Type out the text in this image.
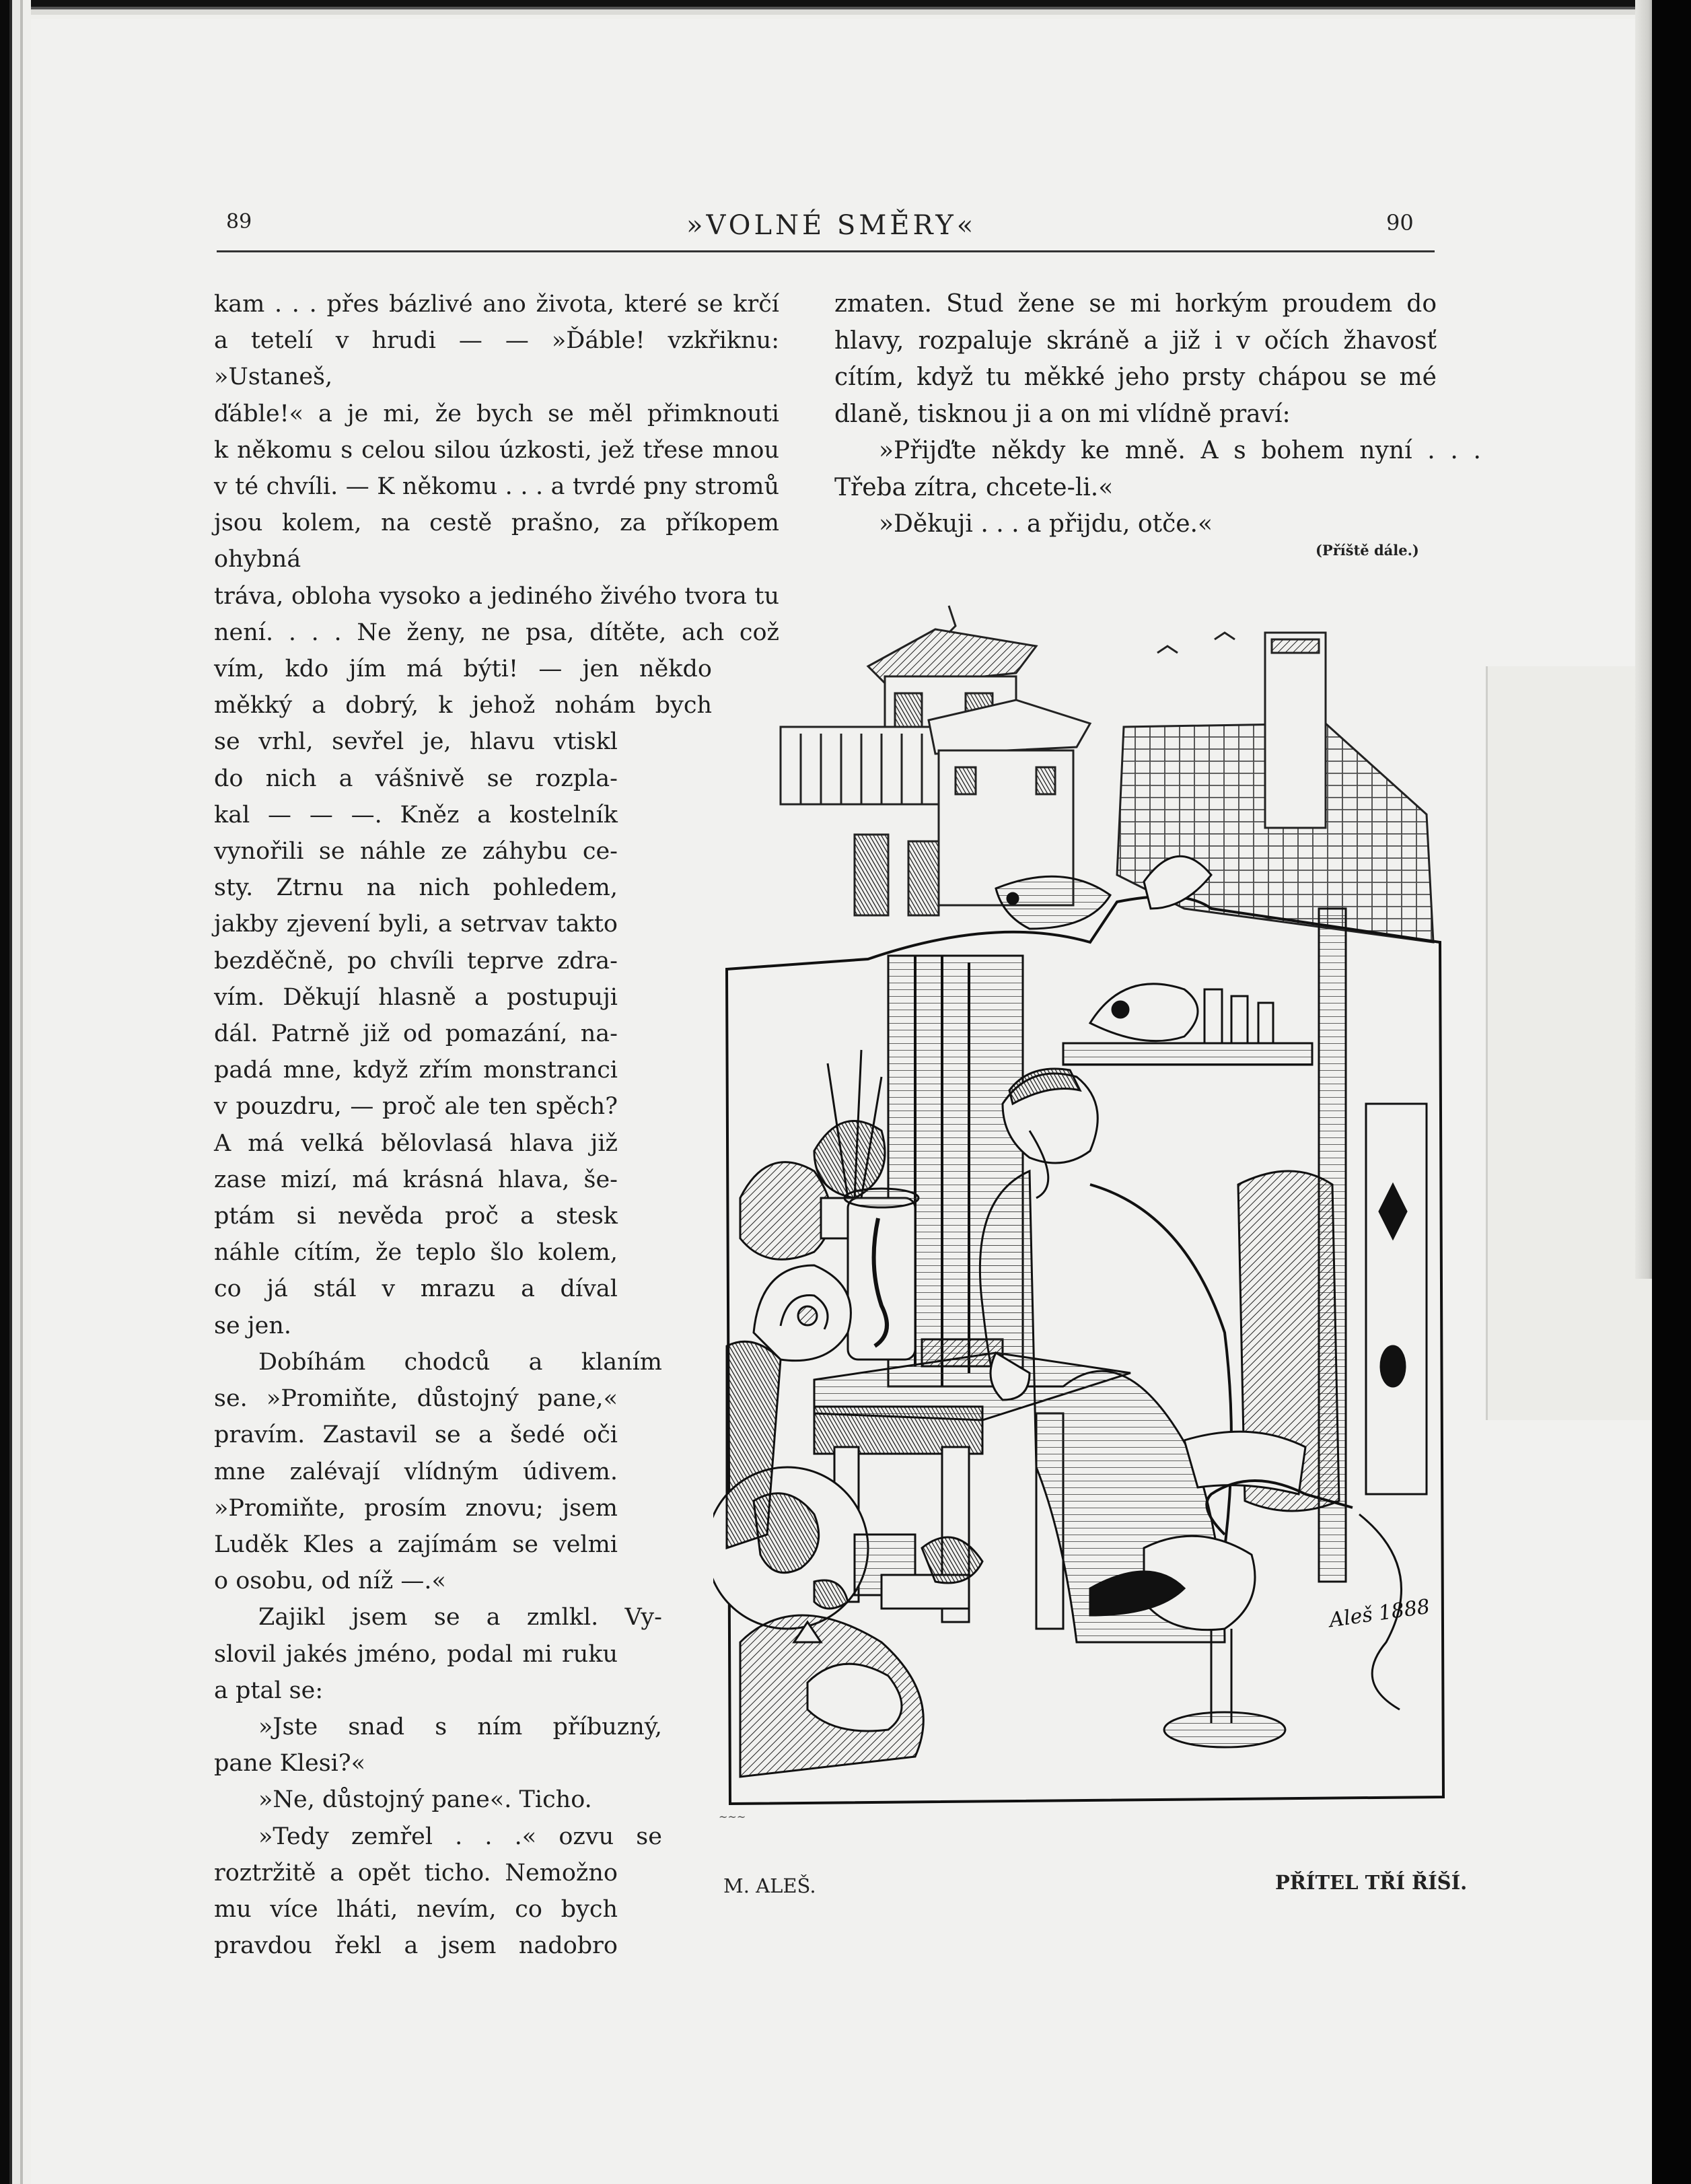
89	»VOLNÉ SMĚRY«	90

kam . . . přes bázlivé ano života, které se krčí

a tetelí v hrudi — — »Ďáble! vzkřiknu: »Ustaneš,

ďáble!« a je mi, že bych se měl přimknouti

k někomu s celou silou úzkosti, jež třese mnou

v té chvíli. — K někomu . . . a tvrdé pny stromů

jsou kolem, na cestě prašno, za příkopem ohybná

tráva, obloha vysoko a jediného živého tvora tu

není. . . . Ne ženy, ne psa, dítěte, ach což

vím, kdo jím má býti! — jen někdo

měkký a dobrý, k jehož nohám bych

se vrhl, sevřel je, hlavu vtiskl

do nich a vášnivě se rozpla-

kal — — —. Kněz a kostelník

vynořili se náhle ze záhybu ce-

sty. Ztrnu na nich pohledem,

jakby zjevení byli, a setrvav takto

bezděčně, po chvíli teprve zdra-

vím. Děkují hlasně a postupuji

dál. Patrně již od pomazání, na-

padá mne, když zřím monstranci

v pouzdru, — proč ale ten spěch?

A má velká bělovlasá hlava již

zase mizí, má krásná hlava, še-

ptám si nevěda proč a stesk

náhle cítím, že teplo šlo kolem,

co já stál v mrazu a díval

se jen.

Dobíhám chodců a klaním

se. »Promiňte, důstojný pane,«

pravím. Zastavil se a šedé oči

mne zalévají vlídným údivem.

»Promiňte, prosím znovu; jsem

Luděk Kles a zajímám se velmi

o osobu, od níž —.«

Zajikl jsem se a zmlkl. Vy-

slovil jakés jméno, podal mi ruku

a ptal se:

»Jste snad s ním příbuzný,

pane Klesi?«

»Ne, důstojný pane«. Ticho.

»Tedy zemřel . . .« ozvu se

roztržitě a opět ticho. Nemožno

mu více lháti, nevím, co bych

pravdou řekl a jsem nadobro

zmaten. Stud žene se mi horkým proudem do

hlavy, rozpaluje skráně a již i v očích žhavosť

cítím, když tu měkké jeho prsty chápou se mé

dlaně, tisknou ji a on mi vlídně praví:

»Přijďte někdy ke mně. A s bohem nyní . . .

Třeba zítra, chcete-li.«

»Děkuji . . . a přijdu, otče.«

(Příště dále.)
Aleš 1888
~~~
M. ALEŠ.	PŘÍTEL TŘÍ ŘÍŠÍ.
